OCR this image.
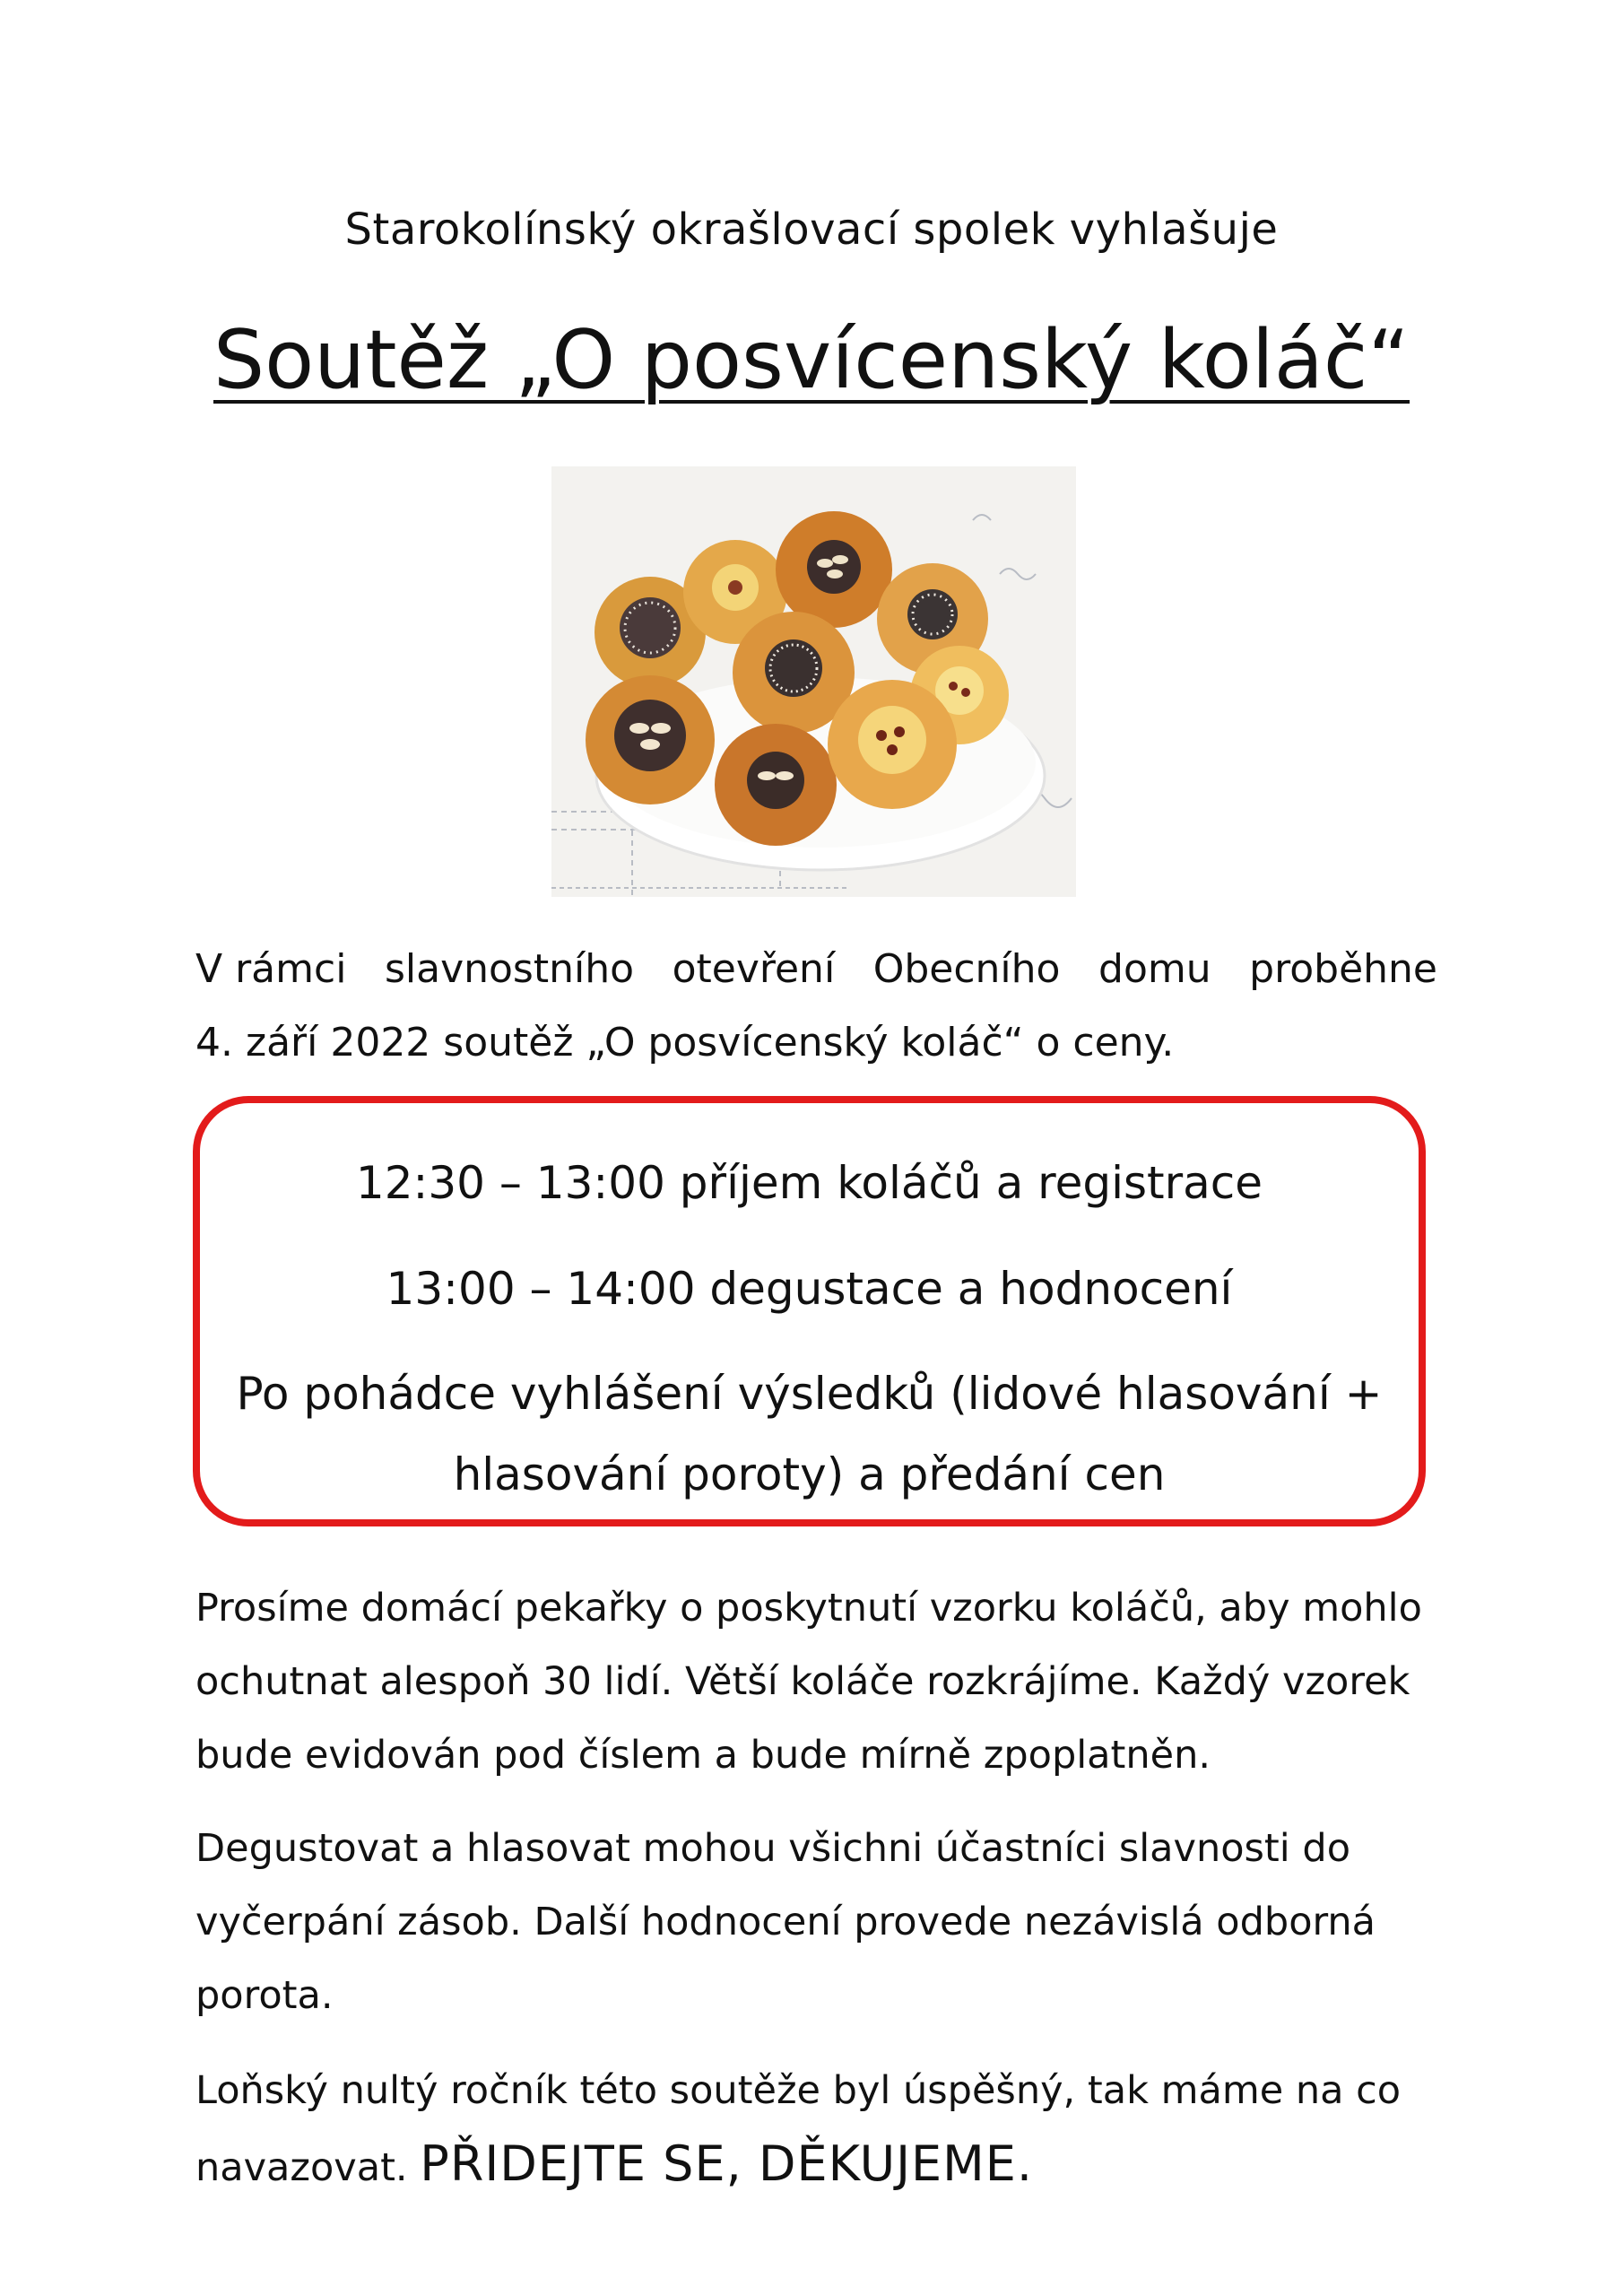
Starokolínský okrašlovací spolek vyhlašuje
Soutěž „O posvícenský koláč“
V rámci slavnostního otevření Obecního domu proběhne
4. září 2022 soutěž „O posvícenský koláč“ o ceny.
12:30 – 13:00 příjem koláčů a registrace
13:00 – 14:00 degustace a hodnocení
Po pohádce vyhlášení výsledků (lidové hlasování +
hlasování poroty) a předání cen
Prosíme domácí pekařky o poskytnutí vzorku koláčů, aby mohlo
ochutnat alespoň 30 lidí. Větší koláče rozkrájíme. Každý vzorek
bude evidován pod číslem a bude mírně zpoplatněn.
Degustovat a hlasovat mohou všichni účastníci slavnosti do
vyčerpání zásob. Další hodnocení provede nezávislá odborná
porota.
Loňský nultý ročník této soutěže byl úspěšný, tak máme na co
navazovat. PŘIDEJTE SE, DĚKUJEME.
